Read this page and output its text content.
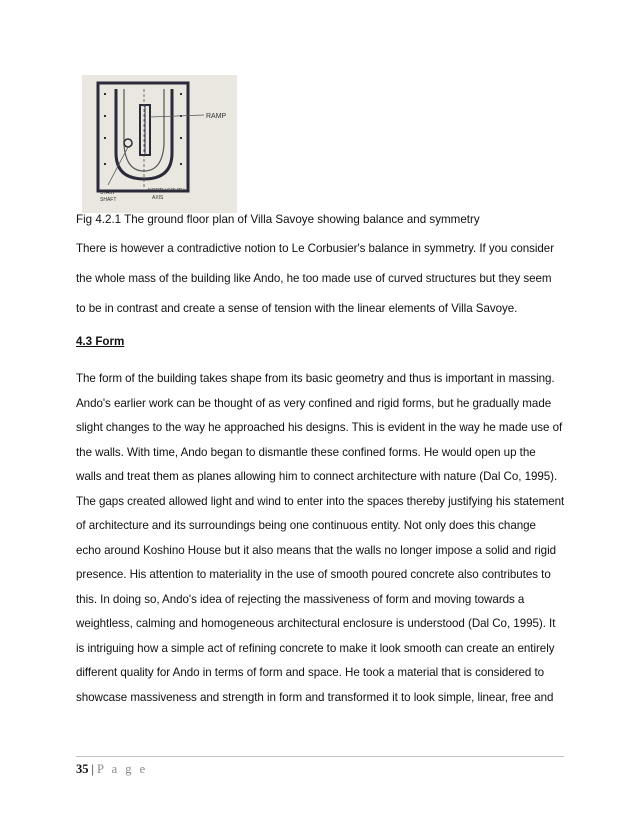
RAMP
STAIR
SHAFT
NORTH SOUTH
AXIS
Fig 4.2.1 The ground floor plan of Villa Savoye showing balance and symmetry
There is however a contradictive notion to Le Corbusier's balance in symmetry. If you consider
the whole mass of the building like Ando, he too made use of curved structures but they seem
to be in contrast and create a sense of tension with the linear elements of Villa Savoye.
4.3 Form
The form of the building takes shape from its basic geometry and thus is important in massing.
Ando's earlier work can be thought of as very confined and rigid forms, but he gradually made
slight changes to the way he approached his designs. This is evident in the way he made use of
the walls. With time, Ando began to dismantle these confined forms. He would open up the
walls and treat them as planes allowing him to connect architecture with nature (Dal Co, 1995).
The gaps created allowed light and wind to enter into the spaces thereby justifying his statement
of architecture and its surroundings being one continuous entity. Not only does this change
echo around Koshino House but it also means that the walls no longer impose a solid and rigid
presence. His attention to materiality in the use of smooth poured concrete also contributes to
this. In doing so, Ando's idea of rejecting the massiveness of form and moving towards a
weightless, calming and homogeneous architectural enclosure is understood (Dal Co, 1995). It
is intriguing how a simple act of refining concrete to make it look smooth can create an entirely
different quality for Ando in terms of form and space. He took a material that is considered to
showcase massiveness and strength in form and transformed it to look simple, linear, free and
35 | P a g e
